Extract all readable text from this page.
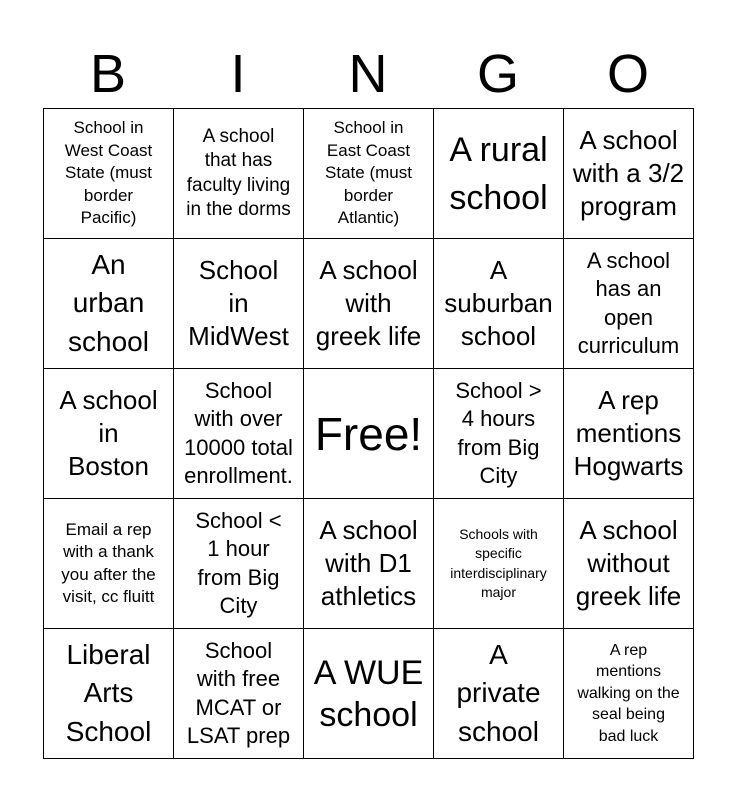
B	I	N	G	O
School in
West Coast
State (must
border
Pacific)
A school
that has
faculty living
in the dorms
School in
East Coast
State (must
border
Atlantic)
A rural
school
A school
with a 3/2
program
An
urban
school
School
in
MidWest
A school
with
greek life
A
suburban
school
A school
has an
open
curriculum
A school
in
Boston
School
with over
10000 total
enrollment.
Free!
School >
4 hours
from Big
City
A rep
mentions
Hogwarts
Email a rep
with a thank
you after the
visit, cc fluitt
School <
1 hour
from Big
City
A school
with D1
athletics
Schools with
specific
interdisciplinary
major
A school
without
greek life
Liberal
Arts
School
School
with free
MCAT or
LSAT prep
A WUE
school
A
private
school
A rep
mentions
walking on the
seal being
bad luck
